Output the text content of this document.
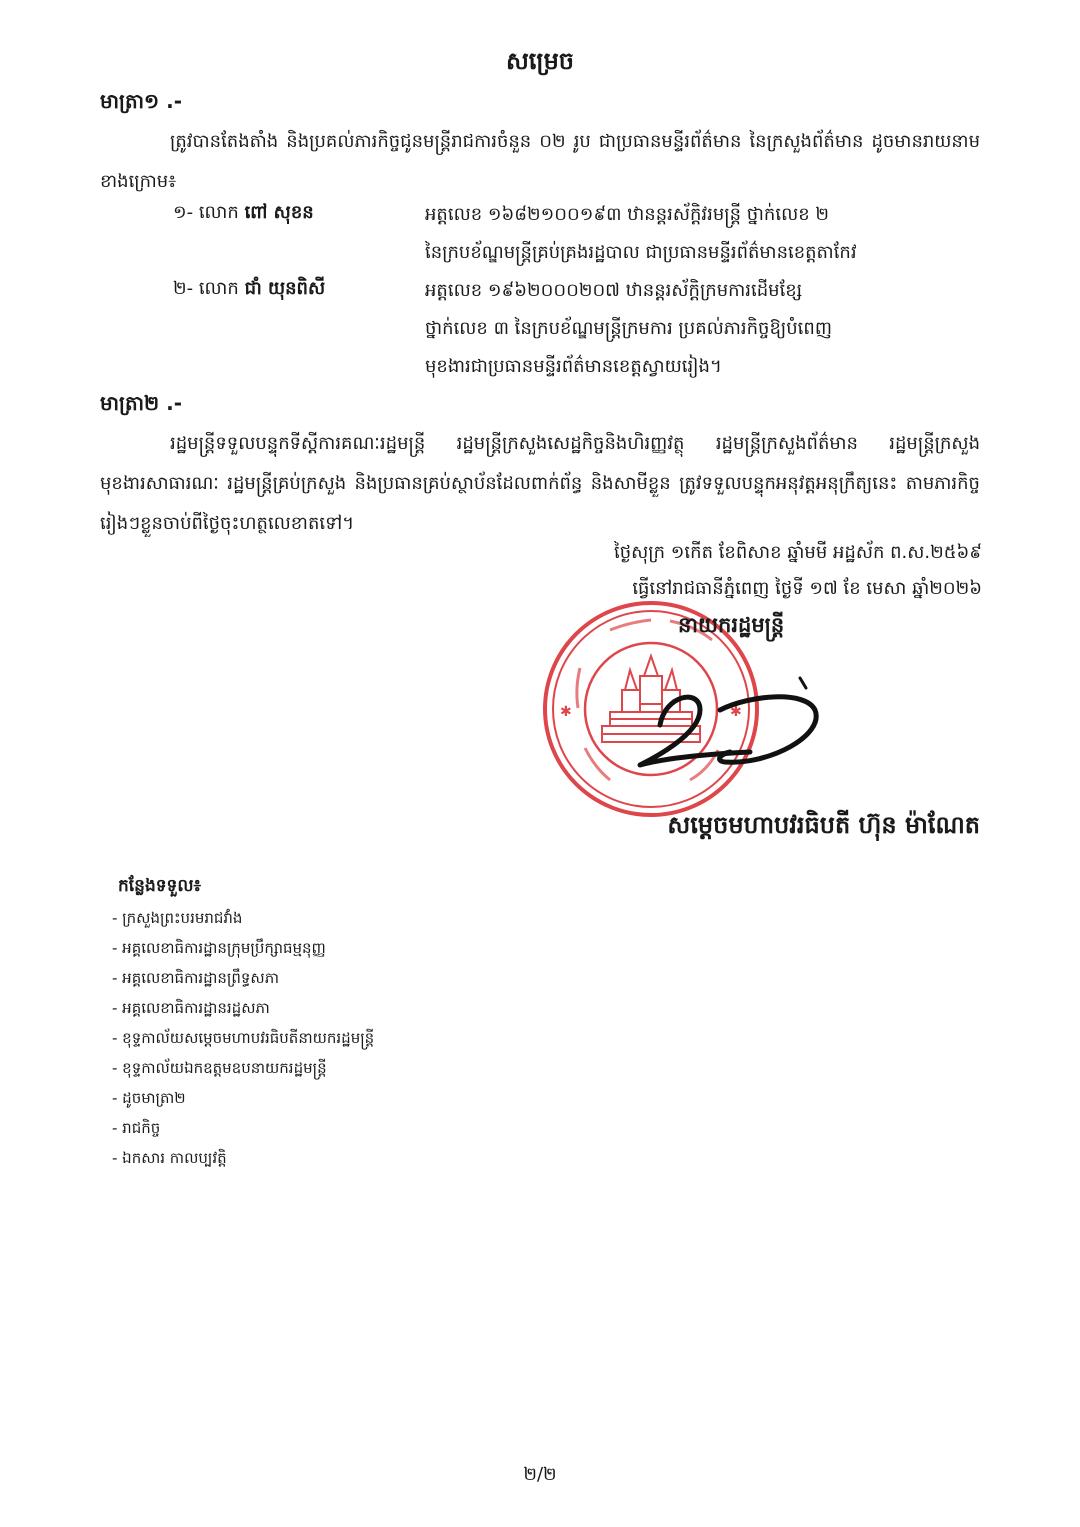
សម្រេច
មាត្រា១ .-
ត្រូវបានតែងតាំង និងប្រគល់ភារកិច្ចជូនមន្ត្រីរាជការចំនួន ០២ រូប ជាប្រធានមន្ទីរព័ត៌មាន នៃក្រសួងព័ត៌មាន ដូចមានរាយនាមខាងក្រោម៖
១- លោក ពៅ សុខន	អត្តលេខ ១៦៨២១០០១៩៣ ឋានន្តរស័ក្តិវរមន្ត្រី ថ្នាក់លេខ ២
នៃក្របខ័ណ្ឌមន្ត្រីគ្រប់គ្រងរដ្ឋបាល ជាប្រធានមន្ទីរព័ត៌មានខេត្តតាកែវ
២- លោក ជាំ យុនពិសី	អត្តលេខ ១៩៦២០០០២០៧ ឋានន្តរស័ក្តិក្រមការដើមខ្សែ
ថ្នាក់លេខ ៣ នៃក្របខ័ណ្ឌមន្ត្រីក្រមការ ប្រគល់ភារកិច្ចឱ្យបំពេញ
មុខងារជាប្រធានមន្ទីរព័ត៌មានខេត្តស្វាយរៀង។
មាត្រា២ .-
រដ្ឋមន្ត្រីទទួលបន្ទុកទីស្តីការគណៈរដ្ឋមន្ត្រី រដ្ឋមន្ត្រីក្រសួងសេដ្ឋកិច្ចនិងហិរញ្ញវត្ថុ រដ្ឋមន្ត្រីក្រសួងព័ត៌មាន រដ្ឋមន្ត្រីក្រសួងមុខងារសាធារណៈ រដ្ឋមន្ត្រីគ្រប់ក្រសួង និងប្រធានគ្រប់ស្ថាប័នដែលពាក់ព័ន្ធ និងសាមីខ្លួន ត្រូវទទួលបន្ទុកអនុវត្តអនុក្រឹត្យនេះ តាមភារកិច្ចរៀងៗខ្លួនចាប់ពីថ្ងៃចុះហត្ថលេខាតទៅ។
ថ្ងៃសុក្រ ១កើត ខែពិសាខ ឆ្នាំមមី អដ្ឋស័ក ព.ស.២៥៦៩
ធ្វើនៅរាជធានីភ្នំពេញ ថ្ងៃទី ១៧ ខែ មេសា ឆ្នាំ២០២៦
✱	✱
នាយករដ្ឋមន្ត្រី
សម្តេចមហាបវរធិបតី ហ៊ុន ម៉ាណែត
កន្លែងទទួល៖
- ក្រសួងព្រះបរមរាជវាំង
- អគ្គលេខាធិការដ្ឋានក្រុមប្រឹក្សាធម្មនុញ្ញ
- អគ្គលេខាធិការដ្ឋានព្រឹទ្ធសភា
- អគ្គលេខាធិការដ្ឋានរដ្ឋសភា
- ខុទ្ទកាល័យសម្តេចមហាបវរធិបតីនាយករដ្ឋមន្ត្រី
- ខុទ្ទកាល័យឯកឧត្តមឧបនាយករដ្ឋមន្ត្រី
- ដូចមាត្រា២
- រាជកិច្ច
- ឯកសារ កាលប្បវត្តិ
២/២
